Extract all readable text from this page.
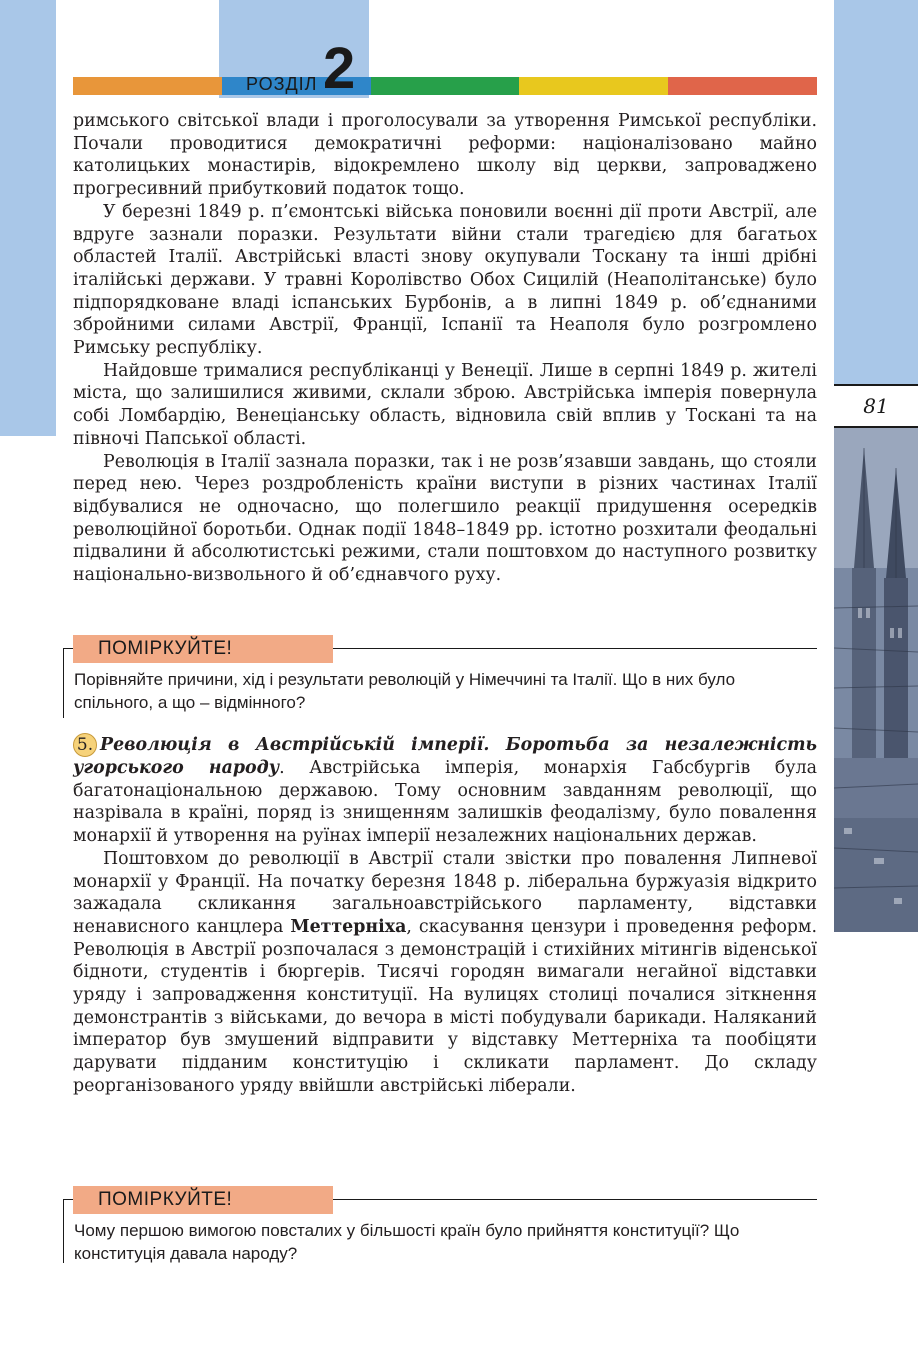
РОЗДІЛ 2
81

римського світської влади і проголосували за утворення Римської республіки. Почали проводитися демократичні реформи: націоналізовано майно католицьких монастирів, відокремлено школу від церкви, запроваджено прогресивний прибутковий податок тощо.

У березні 1849 р. п’ємонтські війська поновили воєнні дії проти Австрії, але вдруге зазнали поразки. Результати війни стали трагедією для багатьох областей Італії. Австрійські власті знову окупували Тоскану та інші дрібні італійські держави. У травні Королівство Обох Сицилій (Неаполітанське) було підпорядковане владі іспанських Бурбонів, а в липні 1849 р. об’єднаними збройними силами Австрії, Франції, Іспанії та Неаполя було розгромлено Римську республіку.

Найдовше трималися республіканці у Венеції. Лише в серпні 1849 р. жителі міста, що залишилися живими, склали зброю. Австрійська імперія повернула собі Ломбардію, Венеціанську область, відновила свій вплив у Тоскані та на півночі Папської області.

Революція в Італії зазнала поразки, так і не розв’язавши завдань, що стояли перед нею. Через роздробленість країни виступи в різних частинах Італії відбувалися не одночасно, що полегшило реакції придушення осередків революційної боротьби. Однак події 1848–1849 рр. істотно розхитали феодальні підвалини й абсолютистські режими, стали поштовхом до наступного розвитку національно-визвольного й об’єднавчого руху.

ПОМІРКУЙТЕ!
Порівняйте причини, хід і результати революцій у Німеччині та Італії. Що в них було спільного, а що – відмінного?

5. Революція в Австрійській імперії. Боротьба за незалежність угорського народу. Австрійська імперія, монархія Габсбургів була багатонаціональною державою. Тому основним завданням революції, що назрівала в країні, поряд із знищенням залишків феодалізму, було повалення монархії й утворення на руїнах імперії незалежних національних держав.

Поштовхом до революції в Австрії стали звістки про повалення Липневої монархії у Франції. На початку березня 1848 р. ліберальна буржуазія відкрито зажадала скликання загальноавстрійського парламенту, відставки ненависного канцлера Меттерніха, скасування цензури і проведення реформ. Революція в Австрії розпочалася з демонстрацій і стихійних мітингів віденської бідноти, студентів і бюргерів. Тисячі городян вимагали негайної відставки уряду і запровадження конституції. На вулицях столиці почалися зіткнення демонстрантів з військами, до вечора в місті побудували барикади. Наляканий імператор був змушений відправити у відставку Меттерніха та пообіцяти дарувати підданим конституцію і скликати парламент. До складу реорганізованого уряду ввійшли австрійські ліберали.

ПОМІРКУЙТЕ!
Чому першою вимогою повсталих у більшості країн було прийняття конституції? Що конституція давала народу?
